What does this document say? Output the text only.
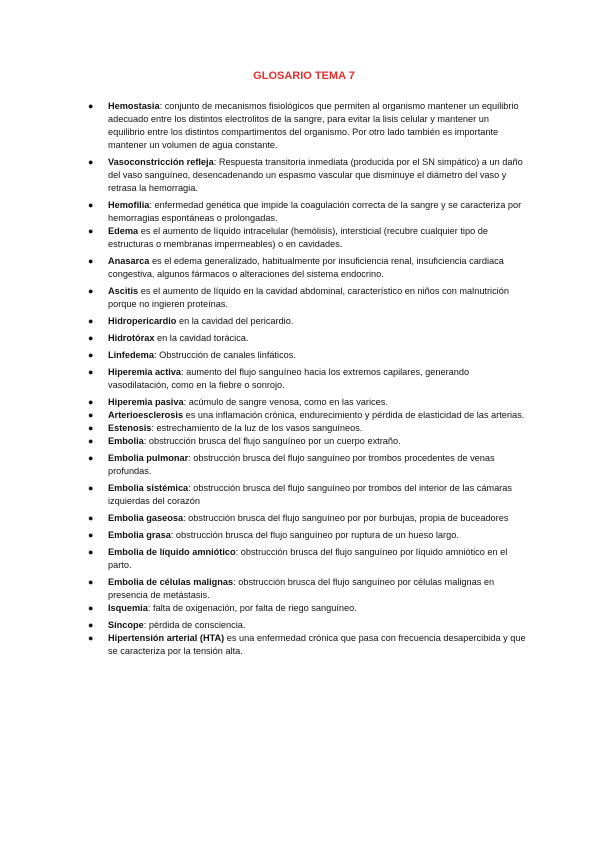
GLOSARIO TEMA 7
● Hemostasia: conjunto de mecanismos fisiológicos que permiten al organismo mantener un equilibrio adecuado entre los distintos electrolitos de la sangre, para evitar la lisis celular y mantener un equilibrio entre los distintos compartimentos del organismo. Por otro lado también es importante mantener un volumen de agua constante.
● Vasoconstricción refleja: Respuesta transitoria inmediata (producida por el SN simpático) a un daño del vaso sanguíneo, desencadenando un espasmo vascular que disminuye el diámetro del vaso y retrasa la hemorragia.
● Hemofilia: enfermedad genética que impide la coagulación correcta de la sangre y se caracteriza por hemorragias espontáneas o prolongadas.
● Edema es el aumento de líquido intracelular (hemólisis), intersticial (recubre cualquier tipo de estructuras o membranas impermeables) o en cavidades.
● Anasarca es el edema generalizado, habitualmente por insuficiencia renal, insuficiencia cardiaca congestiva, algunos fármacos o alteraciones del sistema endocrino.
● Ascitis es el aumento de líquido en la cavidad abdominal, característico en niños con malnutrición porque no ingieren proteínas.
● Hidropericardio en la cavidad del pericardio.
● Hidrotórax en la cavidad torácica.
● Linfedema: Obstrucción de canales linfáticos.
● Hiperemia activa: aumento del flujo sanguíneo hacia los extremos capilares, generando vasodilatación, como en la fiebre o sonrojo.
● Hiperemia pasiva: acúmulo de sangre venosa, como en las varices.
● Arterioesclerosis es una inflamación crónica, endurecimiento y pérdida de elasticidad de las arterias.
● Estenosis: estrechamiento de la luz de los vasos sanguíneos.
● Embolia: obstrucción brusca del flujo sanguíneo por un cuerpo extraño.
● Embolia pulmonar: obstrucción brusca del flujo sanguíneo por trombos procedentes de venas profundas.
● Embolia sistémica: obstrucción brusca del flujo sanguíneo por trombos del interior de las cámaras izquierdas del corazón
● Embolia gaseosa: obstrucción brusca del flujo sanguíneo por por burbujas, propia de buceadores
● Embolia grasa: obstrucción brusca del flujo sanguíneo por ruptura de un hueso largo.
● Embolia de líquido amniótico: obstrucción brusca del flujo sanguíneo por líquido amniótico en el parto.
● Embolia de células malignas: obstrucción brusca del flujo sanguíneo por células malignas en presencia de metástasis.
● Isquemia: falta de oxigenación, por falta de riego sanguíneo.
● Síncope: pérdida de consciencia.
● Hipertensión arterial (HTA) es una enfermedad crónica que pasa con frecuencia desapercibida y que se caracteriza por la tensión alta.
